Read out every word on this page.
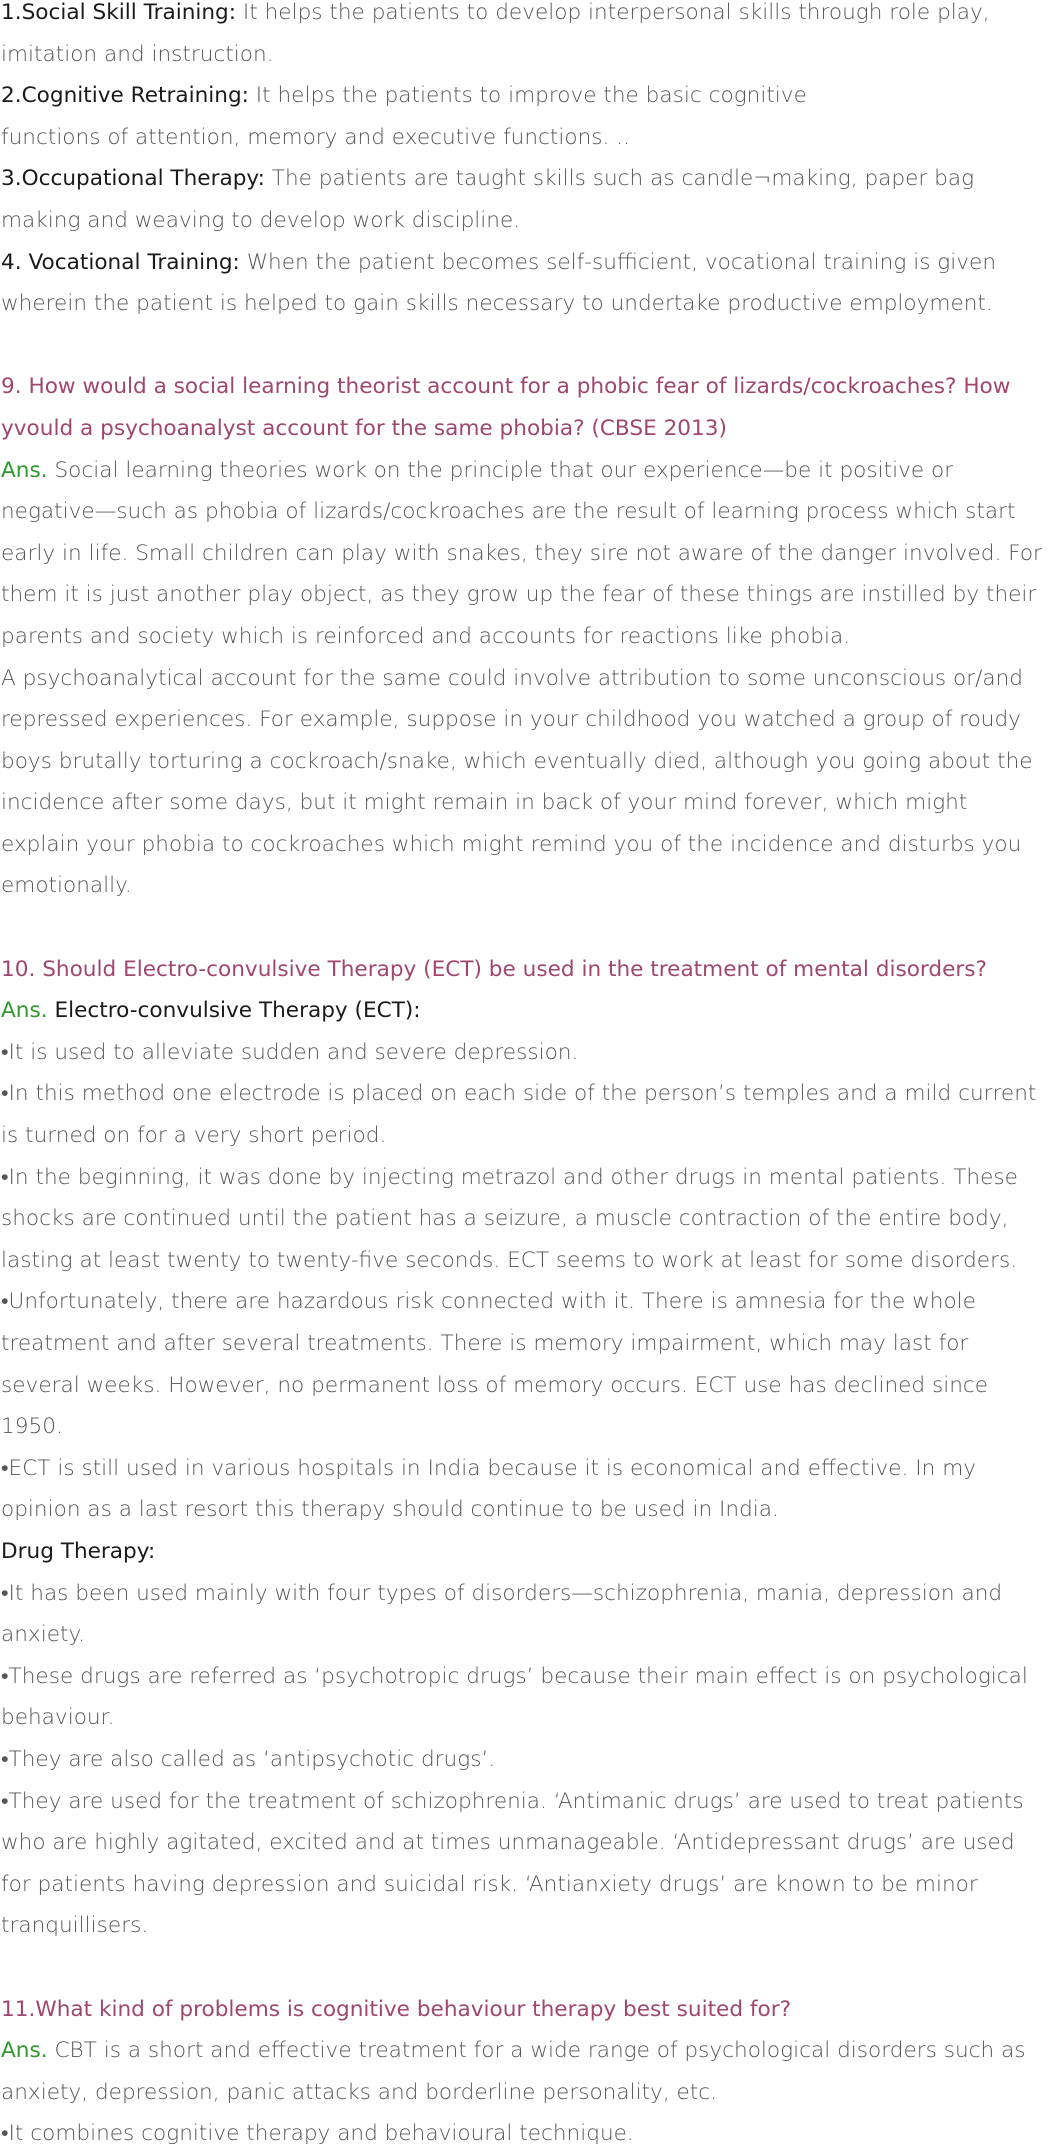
1.Social Skill Training: It helps the patients to develop interpersonal skills through role play, imitation and instruction.

2.Cognitive Retraining: It helps the patients to improve the basic cognitive
functions of attention, memory and executive functions. ..

3.Occupational Therapy: The patients are taught skills such as candle¬making, paper bag making and weaving to develop work discipline.

4. Vocational Training: When the patient becomes self-sufficient, vocational training is given wherein the patient is helped to gain skills necessary to undertake productive employment.

9. How would a social learning theorist account for a phobic fear of lizards/cockroaches? How yvould a psychoanalyst account for the same phobia? (CBSE 2013)

Ans. Social learning theories work on the principle that our experience—be it positive or negative—such as phobia of lizards/cockroaches are the result of learning process which start early in life. Small children can play with snakes, they sire not aware of the danger involved. For them it is just another play object, as they grow up the fear of these things are instilled by their parents and society which is reinforced and accounts for reactions like phobia.

A psychoanalytical account for the same could involve attribution to some unconscious or/and repressed experiences. For example, suppose in your childhood you watched a group of roudy boys brutally torturing a cockroach/snake, which eventually died, although you going about the incidence after some days, but it might remain in back of your mind forever, which might explain your phobia to cockroaches which might remind you of the incidence and disturbs you emotionally.

10. Should Electro-convulsive Therapy (ECT) be used in the treatment of mental disorders?

Ans. Electro-convulsive Therapy (ECT):

•It is used to alleviate sudden and severe depression.

•In this method one electrode is placed on each side of the person’s temples and a mild current is turned on for a very short period.

•In the beginning, it was done by injecting metrazol and other drugs in mental patients. These shocks are continued until the patient has a seizure, a muscle contraction of the entire body, lasting at least twenty to twenty-five seconds. ECT seems to work at least for some disorders.

•Unfortunately, there are hazardous risk connected with it. There is amnesia for the whole treatment and after several treatments. There is memory impairment, which may last for several weeks. However, no permanent loss of memory occurs. ECT use has declined since 1950.

•ECT is still used in various hospitals in India because it is economical and effective. In my opinion as a last resort this therapy should continue to be used in India.

Drug Therapy:

•It has been used mainly with four types of disorders—schizophrenia, mania, depression and anxiety.

•These drugs are referred as ‘psychotropic drugs’ because their main effect is on psychological behaviour.

•They are also called as ‘antipsychotic drugs’.

•They are used for the treatment of schizophrenia. ‘Antimanic drugs’ are used to treat patients who are highly agitated, excited and at times unmanageable. ‘Antidepressant drugs’ are used for patients having depression and suicidal risk. ‘Antianxiety drugs’ are known to be minor tranquillisers.

11.What kind of problems is cognitive behaviour therapy best suited for?

Ans. CBT is a short and effective treatment for a wide range of psychological disorders such as anxiety, depression, panic attacks and borderline personality, etc.

•It combines cognitive therapy and behavioural technique.
